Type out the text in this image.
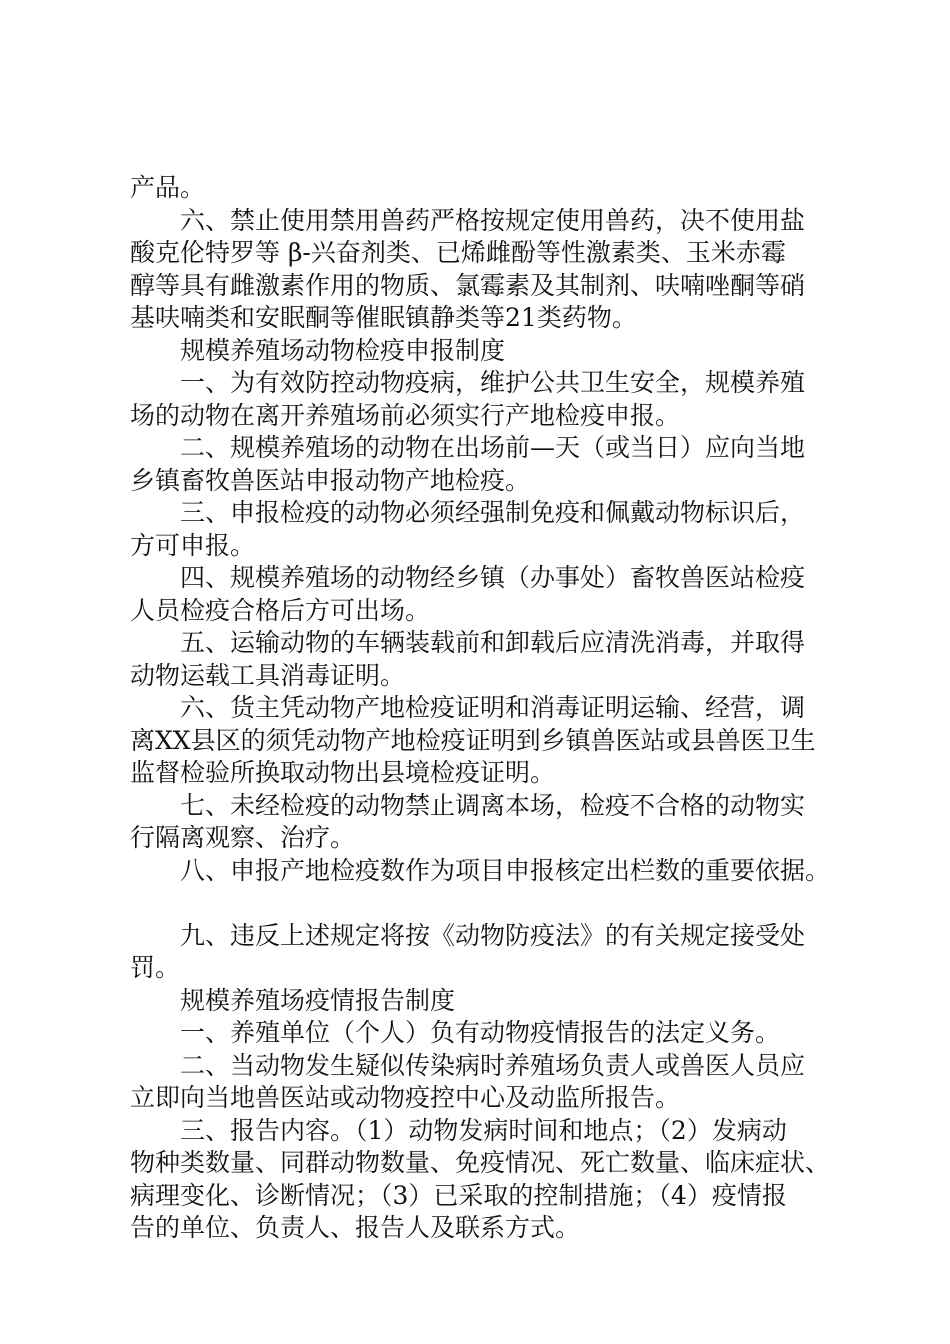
产品。
六、禁止使用禁用兽药严格按规定使用兽药，决不使用盐
酸克伦特罗等 β-兴奋剂类、已烯雌酚等性激素类、玉米赤霉
醇等具有雌激素作用的物质、氯霉素及其制剂、呋喃唑酮等硝
基呋喃类和安眠酮等催眠镇静类等21类药物。
规模养殖场动物检疫申报制度
一、为有效防控动物疫病，维护公共卫生安全，规模养殖
场的动物在离开养殖场前必须实行产地检疫申报。
二、规模养殖场的动物在出场前—天（或当日）应向当地
乡镇畜牧兽医站申报动物产地检疫。
三、申报检疫的动物必须经强制免疫和佩戴动物标识后，
方可申报。
四、规模养殖场的动物经乡镇（办事处）畜牧兽医站检疫
人员检疫合格后方可出场。
五、运输动物的车辆装载前和卸载后应清洗消毒，并取得
动物运载工具消毒证明。
六、货主凭动物产地检疫证明和消毒证明运输、经营，调
离XX县区的须凭动物产地检疫证明到乡镇兽医站或县兽医卫生
监督检验所换取动物出县境检疫证明。
七、未经检疫的动物禁止调离本场，检疫不合格的动物实
行隔离观察、治疗。
八、申报产地检疫数作为项目申报核定出栏数的重要依据。
九、违反上述规定将按《动物防疫法》的有关规定接受处
罚。
规模养殖场疫情报告制度
一、养殖单位（个人）负有动物疫情报告的法定义务。
二、当动物发生疑似传染病时养殖场负责人或兽医人员应
立即向当地兽医站或动物疫控中心及动监所报告。
三、报告内容。（1）动物发病时间和地点；（2）发病动
物种类数量、同群动物数量、免疫情况、死亡数量、临床症状、
病理变化、诊断情况；（3）已采取的控制措施；（4）疫情报
告的单位、负责人、报告人及联系方式。
